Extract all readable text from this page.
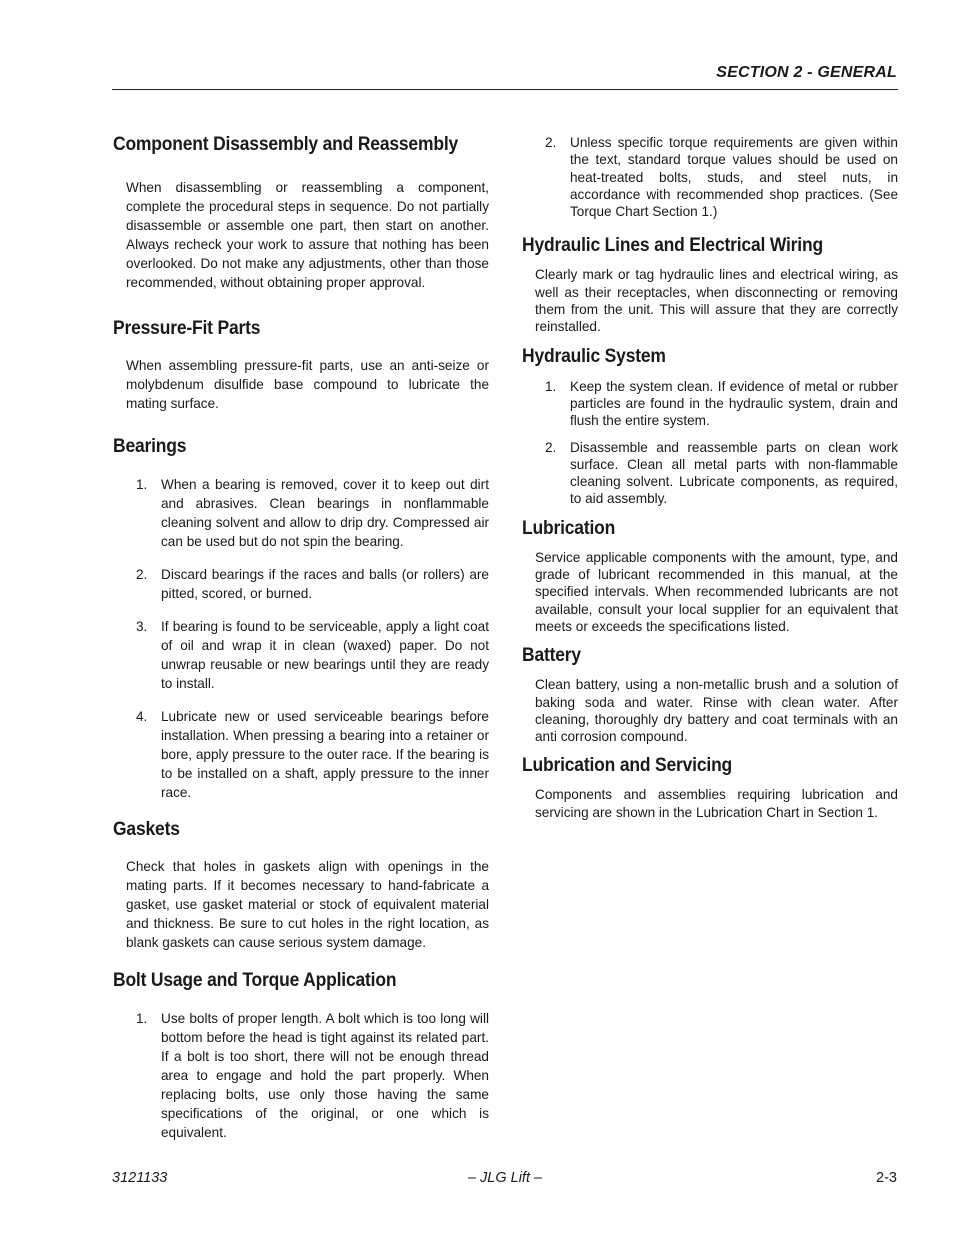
SECTION 2 - GENERAL
Component Disassembly and Reassembly

When disassembling or reassembling a component, complete the procedural steps in sequence. Do not partially disassemble or assemble one part, then start on another. Always recheck your work to assure that nothing has been overlooked. Do not make any adjustments, other than those recommended, without obtaining proper approval.

Pressure-Fit Parts

When assembling pressure-fit parts, use an anti-seize or molybdenum disulfide base compound to lubricate the mating surface.

Bearings
1. When a bearing is removed, cover it to keep out dirt and abrasives. Clean bearings in nonflammable cleaning solvent and allow to drip dry. Compressed air can be used but do not spin the bearing.
2. Discard bearings if the races and balls (or rollers) are pitted, scored, or burned.
3. If bearing is found to be serviceable, apply a light coat of oil and wrap it in clean (waxed) paper. Do not unwrap reusable or new bearings until they are ready to install.
4. Lubricate new or used serviceable bearings before installation. When pressing a bearing into a retainer or bore, apply pressure to the outer race. If the bearing is to be installed on a shaft, apply pressure to the inner race.
Gaskets

Check that holes in gaskets align with openings in the mating parts. If it becomes necessary to hand-fabricate a gasket, use gasket material or stock of equivalent material and thickness. Be sure to cut holes in the right location, as blank gaskets can cause serious system damage.

Bolt Usage and Torque Application
1. Use bolts of proper length. A bolt which is too long will bottom before the head is tight against its related part. If a bolt is too short, there will not be enough thread area to engage and hold the part properly. When replacing bolts, use only those having the same specifications of the original, or one which is equivalent.
2. Unless specific torque requirements are given within the text, standard torque values should be used on heat-treated bolts, studs, and steel nuts, in accordance with recommended shop practices. (See Torque Chart Section 1.)
Hydraulic Lines and Electrical Wiring

Clearly mark or tag hydraulic lines and electrical wiring, as well as their receptacles, when disconnecting or removing them from the unit. This will assure that they are correctly reinstalled.

Hydraulic System
1. Keep the system clean. If evidence of metal or rubber particles are found in the hydraulic system, drain and flush the entire system.
2. Disassemble and reassemble parts on clean work surface. Clean all metal parts with non-flammable cleaning solvent. Lubricate components, as required, to aid assembly.
Lubrication

Service applicable components with the amount, type, and grade of lubricant recommended in this manual, at the specified intervals. When recommended lubricants are not available, consult your local supplier for an equivalent that meets or exceeds the specifications listed.

Battery

Clean battery, using a non-metallic brush and a solution of baking soda and water. Rinse with clean water. After cleaning, thoroughly dry battery and coat terminals with an anti corrosion compound.

Lubrication and Servicing

Components and assemblies requiring lubrication and servicing are shown in the Lubrication Chart in Section 1.

3121133	– JLG Lift –	2-3
